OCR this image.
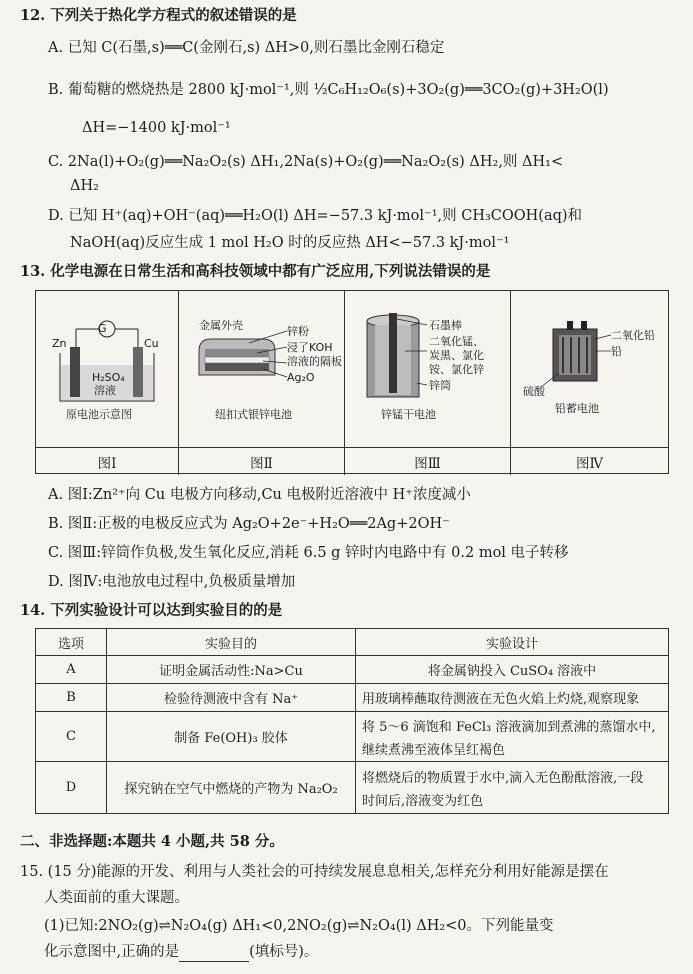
12. 下列关于热化学方程式的叙述错误的是
A. 已知 C(石墨,s)══C(金刚石,s) ΔH>0,则石墨比金刚石稳定
B. 葡萄糖的燃烧热是 2800 kJ·mol⁻¹,则 ½C₆H₁₂O₆(s)+3O₂(g)══3CO₂(g)+3H₂O(l)
ΔH=−1400 kJ·mol⁻¹
C. 2Na(l)+O₂(g)══Na₂O₂(s) ΔH₁,2Na(s)+O₂(g)══Na₂O₂(s) ΔH₂,则 ΔH₁<
ΔH₂
D. 已知 H⁺(aq)+OH⁻(aq)══H₂O(l) ΔH=−57.3 kJ·mol⁻¹,则 CH₃COOH(aq)和
NaOH(aq)反应生成 1 mol H₂O 时的反应热 ΔH<−57.3 kJ·mol⁻¹
13. 化学电源在日常生活和高科技领域中都有广泛应用,下列说法错误的是
G
Zn	Cu
H₂SO₄
溶液
原电池示意图
图Ⅰ
金属外壳	锌粉
浸了KOH
溶液的隔板
Ag₂O
纽扣式银锌电池
图Ⅱ
石墨棒
二氧化锰、
炭黑、氯化
铵、氯化锌
锌筒
锌锰干电池
图Ⅲ
二氧化铅
铅
硫酸
铅蓄电池
图Ⅳ
A. 图Ⅰ:Zn²⁺向 Cu 电极方向移动,Cu 电极附近溶液中 H⁺浓度减小
B. 图Ⅱ:正极的电极反应式为 Ag₂O+2e⁻+H₂O══2Ag+2OH⁻
C. 图Ⅲ:锌筒作负极,发生氧化反应,消耗 6.5 g 锌时内电路中有 0.2 mol 电子转移
D. 图Ⅳ:电池放电过程中,负极质量增加
14. 下列实验设计可以达到实验目的的是
选项	实验目的	实验设计
A	证明金属活动性:Na>Cu	将金属钠投入 CuSO₄ 溶液中
B	检验待测液中含有 Na⁺	用玻璃棒蘸取待测液在无色火焰上灼烧,观察现象
C	制备 Fe(OH)₃ 胶体	将 5～6 滴饱和 FeCl₃ 溶液滴加到煮沸的蒸馏水中,
继续煮沸至液体呈红褐色

D	探究钠在空气中燃烧的产物为 Na₂O₂	将燃烧后的物质置于水中,滴入无色酚酞溶液,一段
时间后,溶液变为红色
二、非选择题:本题共 4 小题,共 58 分。
15. (15 分)能源的开发、利用与人类社会的可持续发展息息相关,怎样充分利用好能源是摆在
人类面前的重大课题。
(1)已知:2NO₂(g)⇌N₂O₄(g) ΔH₁<0,2NO₂(g)⇌N₂O₄(l) ΔH₂<0。下列能量变
化示意图中,正确的是	(填标号)。
